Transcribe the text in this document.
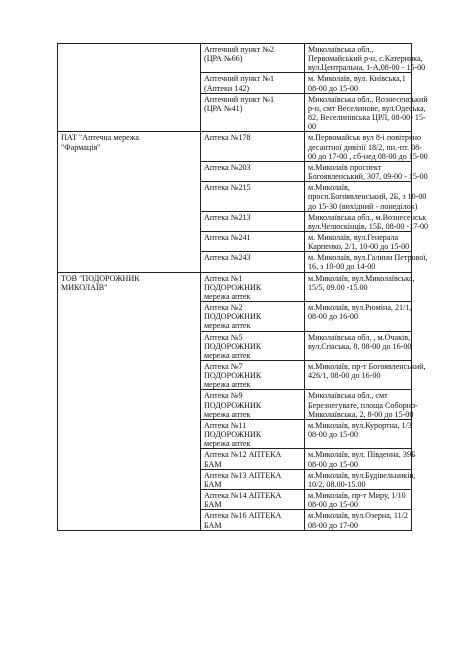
	Аптечний пункт №2
(ЦРА №66)	Миколаївська обл.,
Первомайський р-н, с.Катеринка,
вул.Центральна, 1-А,08-00 - 15-00

	Аптечний пункт №1
(Аптеки 142)	м. Миколаїв, вул. Київська,1
08-00 до 15-00

	Аптечний пункт №1
(ЦРА №41)	Миколаївська обл., Вознесенський
р-н, смт Веселинове, вул.Одеська,
82, Веселинівська ЦРЛ, 08-00- 15-
00

ПАТ "Аптечна мережа
"Фармація"	Аптека №178	м.Первомайськ вул 8-і повітряно
десантної дивізії 18/2, пн.-пт. 08-
00 до 17-00 , сб-нед 08-00 до 15-00

	Аптека №203	м.Миколаїв проспект
Богоявленський, 307, 09-00 - 15-00

	Аптека №215	м.Миколаїв,
просп.Богоявленський, 2Б, з 10-00
до 15-30 (вихідний - понеділок)

	Аптека №213	Миколаївська обл., м.Вознесенськ
вул.Челюскінців, 15Б, 08-00 -17-00

	Аптека №241	м. Миколаїв, вул.Генерала
Карпенко, 2/1, 10-00 до 15-00

	Аптека №243	м. Миколаїв, вул.Галини Петрової,
16, з 10-00 до 14-00

ТОВ "ПОДОРОЖНИК
МИКОЛАЇВ"	Аптека №1
ПОДОРОЖНИК
мережа аптек	м.Миколаїв, вул.Миколаївська,
15/5, 09.00 -15.00

	Аптека №2
ПОДОРОЖНИК
мережа аптек	м.Миколаїв, вул.Рюміна, 21/1,
08-00 до 16-00

	Аптека №5
ПОДОРОЖНИК
мережа аптек	Миколаївська обл. , м.Очаків,
вул.Спаська, 8, 08-00 до 16-00

	Аптека №7
ПОДОРОЖНИК
мережа аптек	м.Миколаїв, пр-т Богоявленський,
426/1, 08-00 до 16-00

	Аптека №9
ПОДОРОЖНИК
мережа аптек	Миколаївська обл., смт
Березнегувате, площа Соборно-
Миколаївська, 2, 8-00 до 15-00

	Аптека №11
ПОДОРОЖНИК
мережа аптек	м.Миколаїв, вул.Курортна, 1/3
08-00 до 15-00

	Аптека №12 АПТЕКА
БАМ	м.Миколаїв, вул. Південна, 39Б
08-00 до 15-00

	Аптека №13 АПТЕКА
БАМ	м.Миколаїв, вул.Будівельників,
10/2, 08.00-15.00

	Аптека №14 АПТЕКА
БАМ	м.Миколаїв, пр-т Миру, 1/10
08-00 до 15-00

	Аптека №16 АПТЕКА
БАМ	м.Миколаїв, вул.Озерна, 11/2
08-00 до 17-00
